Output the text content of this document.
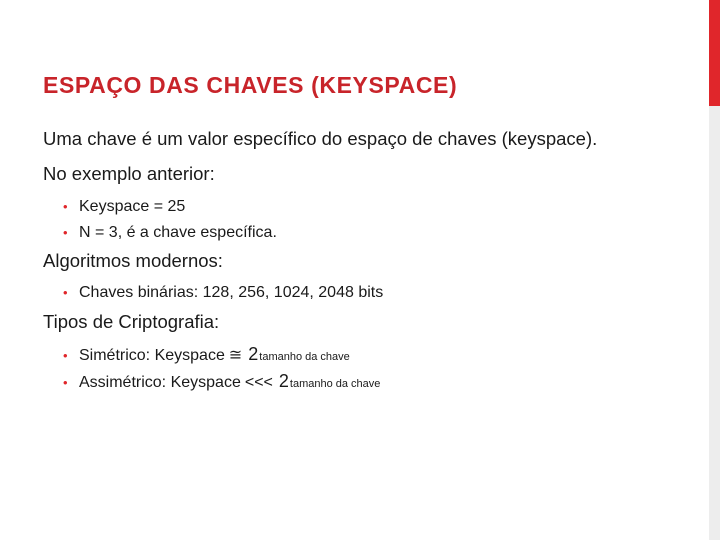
ESPAÇO DAS CHAVES (KEYSPACE)
Uma chave é um valor específico do espaço de chaves (keyspace).
No exemplo anterior:
• Keyspace = 25
• N = 3, é a chave específica.
Algoritmos modernos:
• Chaves binárias: 128, 256, 1024, 2048 bits
Tipos de Criptografia:
• Simétrico: Keyspace ≅ 2 tamanho da chave
• Assimétrico: Keyspace <<< 2 tamanho da chave
